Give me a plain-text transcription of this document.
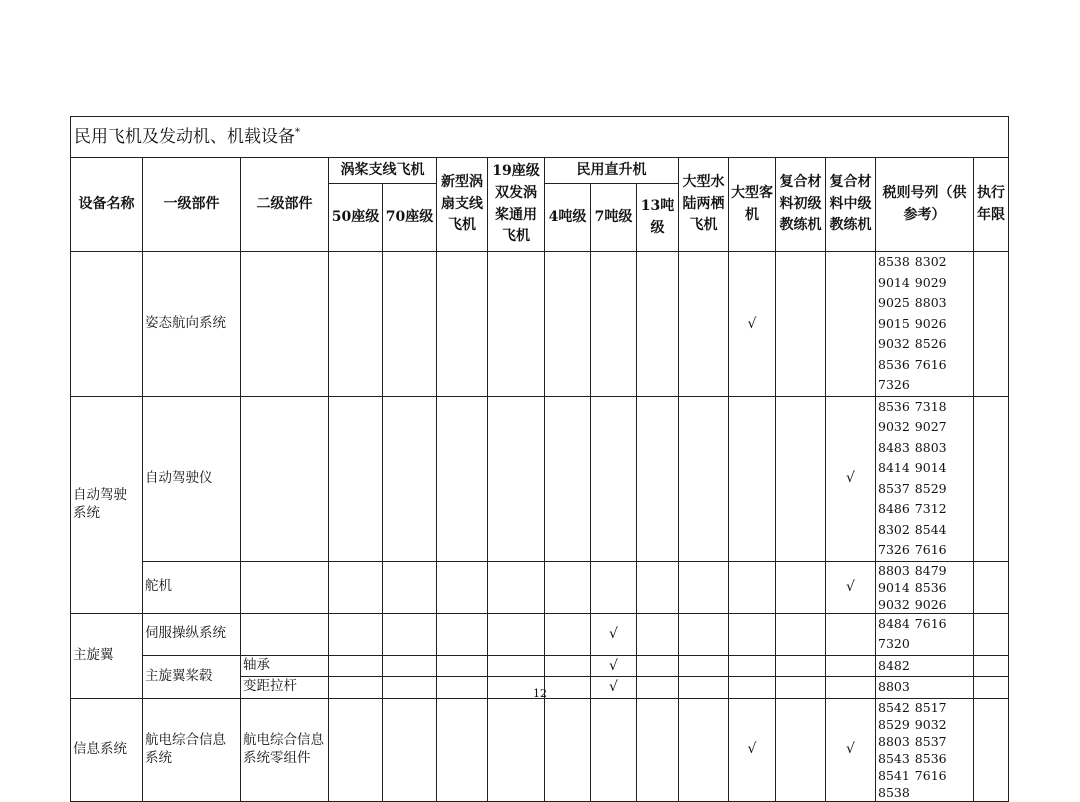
民用飞机及发动机、机载设备*
设备名称	一级部件	二级部件	涡桨支线飞机		新型涡扇支线飞机	19座级双发涡桨通用飞机	民用直升机			大型水陆两栖飞机	大型客机	复合材料初级教练机	复合材料中级教练机	税则号列（供参考）	执行年限
			50座级	70座级			4吨级	7吨级	13吨级						
	姿态航向系统										√			8538 8302 9014 9029 9025 8803 9015 9026 9032 8526 8536 7616 7326	
自动驾驶系统	自动驾驶仪												√	8536 7318 9032 9027 8483 8803 8414 9014 8537 8529 8486 7312 8302 8544 7326 7616	
	舵机												√	8803 8479 9014 8536 9032 9026	
主旋翼	伺服操纵系统							√						8484 7616 7320	
	主旋翼桨毂	轴承						√						8482	
		变距拉杆						√						8803	
信息系统	航电综合信息系统	航电综合信息系统零组件									√		√	8542 8517 8529 9032 8803 8537 8543 8536 8541 7616 8538	
12
